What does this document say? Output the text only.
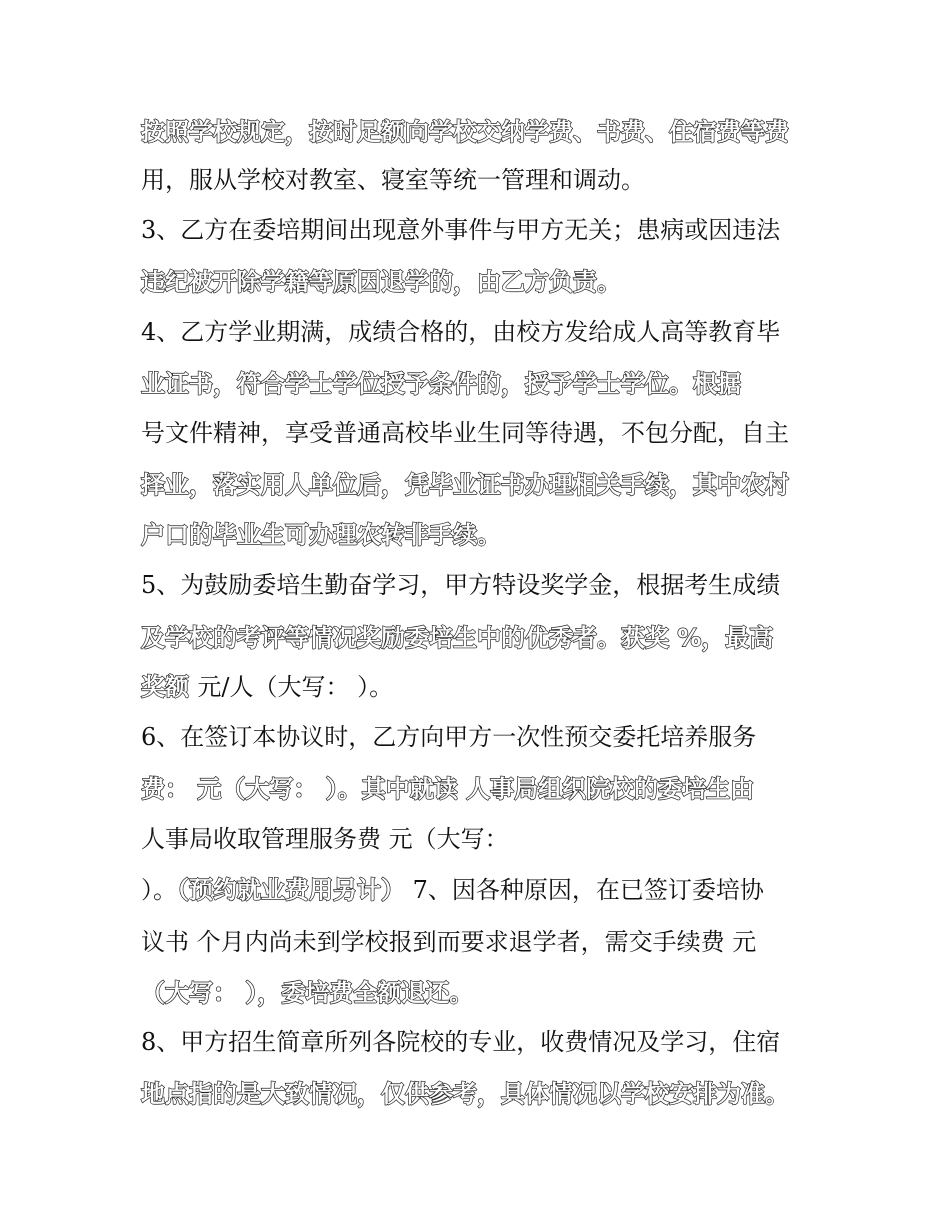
按照学校规定，按时足额向学校交纳学费、书费、住宿费等费
用，服从学校对教室、寝室等统一管理和调动。
3、乙方在委培期间出现意外事件与甲方无关；患病或因违法
违纪被开除学籍等原因退学的，由乙方负责。
4、乙方学业期满，成绩合格的，由校方发给成人高等教育毕
业证书，符合学士学位授予条件的，授予学士学位。根据
号文件精神，享受普通高校毕业生同等待遇，不包分配，自主
择业，落实用人单位后，凭毕业证书办理相关手续，其中农村
户口的毕业生可办理农转非手续。
5、为鼓励委培生勤奋学习，甲方特设奖学金，根据考生成绩
及学校的考评等情况奖励委培生中的优秀者。获奖 %，最高
奖额 元/人（大写： ）。
6、在签订本协议时，乙方向甲方一次性预交委托培养服务
费： 元（大写： ）。其中就读 人事局组织院校的委培生由
人事局收取管理服务费 元（大写：
）。（预约就业费用另计） 7、因各种原因，在已签订委培协
议书 个月内尚未到学校报到而要求退学者，需交手续费 元
（大写： ），委培费全额退还。
8、甲方招生简章所列各院校的专业，收费情况及学习，住宿
地点指的是大致情况，仅供参考，具体情况以学校安排为准。
